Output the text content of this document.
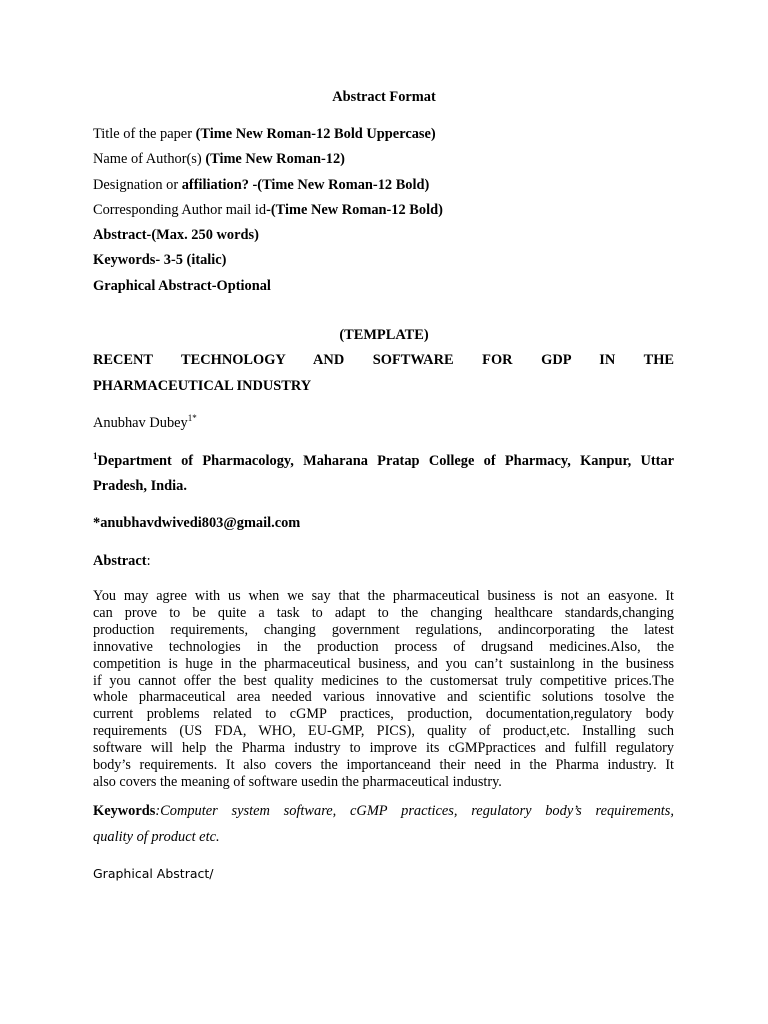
Abstract Format
Title of the paper (Time New Roman-12 Bold Uppercase)
Name of Author(s) (Time New Roman-12)
Designation or affiliation? -(Time New Roman-12 Bold)
Corresponding Author mail id-(Time New Roman-12 Bold)
Abstract-(Max. 250 words)
Keywords- 3-5 (italic)
Graphical Abstract-Optional
(TEMPLATE)
RECENT TECHNOLOGY AND SOFTWARE FOR GDP IN THE
PHARMACEUTICAL INDUSTRY
Anubhav Dubey$^{1*}$
$^1$Department of Pharmacology, Maharana Pratap College of Pharmacy, Kanpur, Uttar
Pradesh, India.
*anubhavdwivedi803@gmail.com
Abstract:
You may agree with us when we say that the pharmaceutical business is not an easyone. It
can prove to be quite a task to adapt to the changing healthcare standards,changing
production requirements, changing government regulations, andincorporating the latest
innovative technologies in the production process of drugsand medicines.Also, the
competition is huge in the pharmaceutical business, and you can’t sustainlong in the business
if you cannot offer the best quality medicines to the customersat truly competitive prices.The
whole pharmaceutical area needed various innovative and scientific solutions tosolve the
current problems related to cGMP practices, production, documentation,regulatory body
requirements (US FDA, WHO, EU-GMP, PICS), quality of product,etc. Installing such
software will help the Pharma industry to improve its cGMPpractices and fulfill regulatory
body’s requirements. It also covers the importanceand their need in the Pharma industry. It
also covers the meaning of software usedin the pharmaceutical industry.
Keywords:Computer system software, cGMP practices, regulatory body’s requirements,
quality of product etc.
Graphical Abstract/
